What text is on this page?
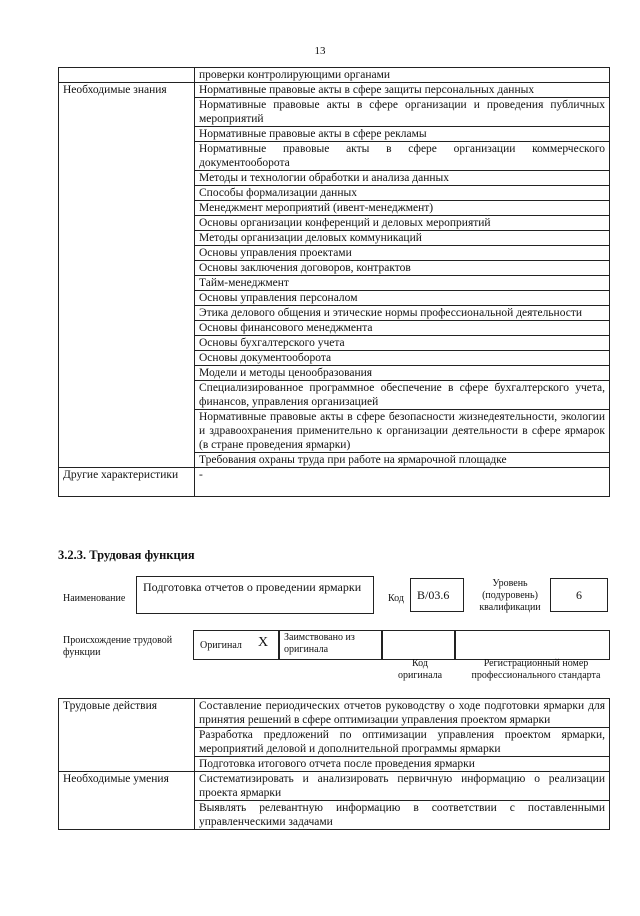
13
	проверки контролирующими органами
Необходимые знания	Нормативные правовые акты в сфере защиты персональных данных
	Нормативные правовые акты в сфере организации и проведения публичных мероприятий
	Нормативные правовые акты в сфере рекламы
	Нормативные правовые акты в сфере организации коммерческого документооборота
	Методы и технологии обработки и анализа данных
	Способы формализации данных
	Менеджмент мероприятий (ивент-менеджмент)
	Основы организации конференций и деловых мероприятий
	Методы организации деловых коммуникаций
	Основы управления проектами
	Основы заключения договоров, контрактов
	Тайм-менеджмент
	Основы управления персоналом
	Этика делового общения и этические нормы профессиональной деятельности
	Основы финансового менеджмента
	Основы бухгалтерского учета
	Основы документооборота
	Модели и методы ценообразования
	Специализированное программное обеспечение в сфере бухгалтерского учета, финансов, управления организацией
	Нормативные правовые акты в сфере безопасности жизнедеятельности, экологии и здравоохранения применительно к организации деятельности в сфере ярмарок (в стране проведения ярмарки)
	Требования охраны труда при работе на ярмарочной площадке
Другие характеристики	-
3.2.3. Трудовая функция
Наименование
Подготовка отчетов о проведении ярмарки
Код B/03.6
Уровень (подуровень) квалификации
6
Происхождение трудовой функции
Оригинал X Заимствовано из оригинала
Код оригинала
Регистрационный номер профессионального стандарта
Трудовые действия	Составление периодических отчетов руководству о ходе подготовки ярмарки для принятия решений в сфере оптимизации управления проектом ярмарки
	Разработка предложений по оптимизации управления проектом ярмарки, мероприятий деловой и дополнительной программы ярмарки
	Подготовка итогового отчета после проведения ярмарки
Необходимые умения	Систематизировать и анализировать первичную информацию о реализации проекта ярмарки
	Выявлять релевантную информацию в соответствии с поставленными управленческими задачами
